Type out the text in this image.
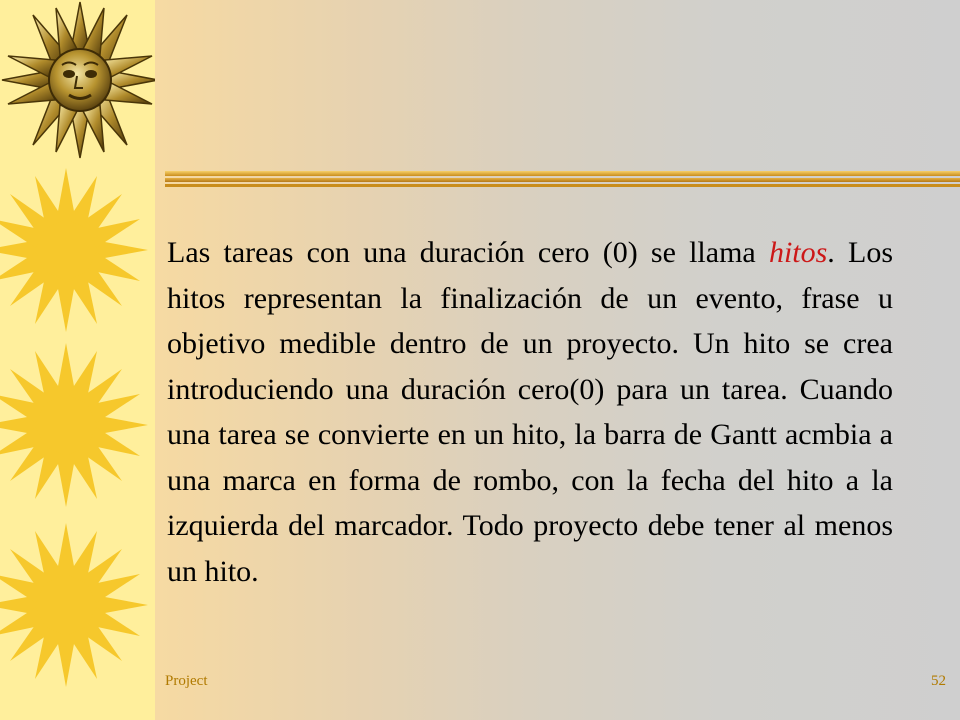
Las tareas con una duración cero (0) se llama hitos. Los hitos representan la finalización de un evento, frase u objetivo medible dentro de un proyecto. Un hito se crea introduciendo una duración cero(0) para un tarea. Cuando una tarea se convierte en un hito, la barra de Gantt acmbia a una marca en forma de rombo, con la fecha del hito a la izquierda del marcador. Todo proyecto debe tener al menos un hito.

Project	52
